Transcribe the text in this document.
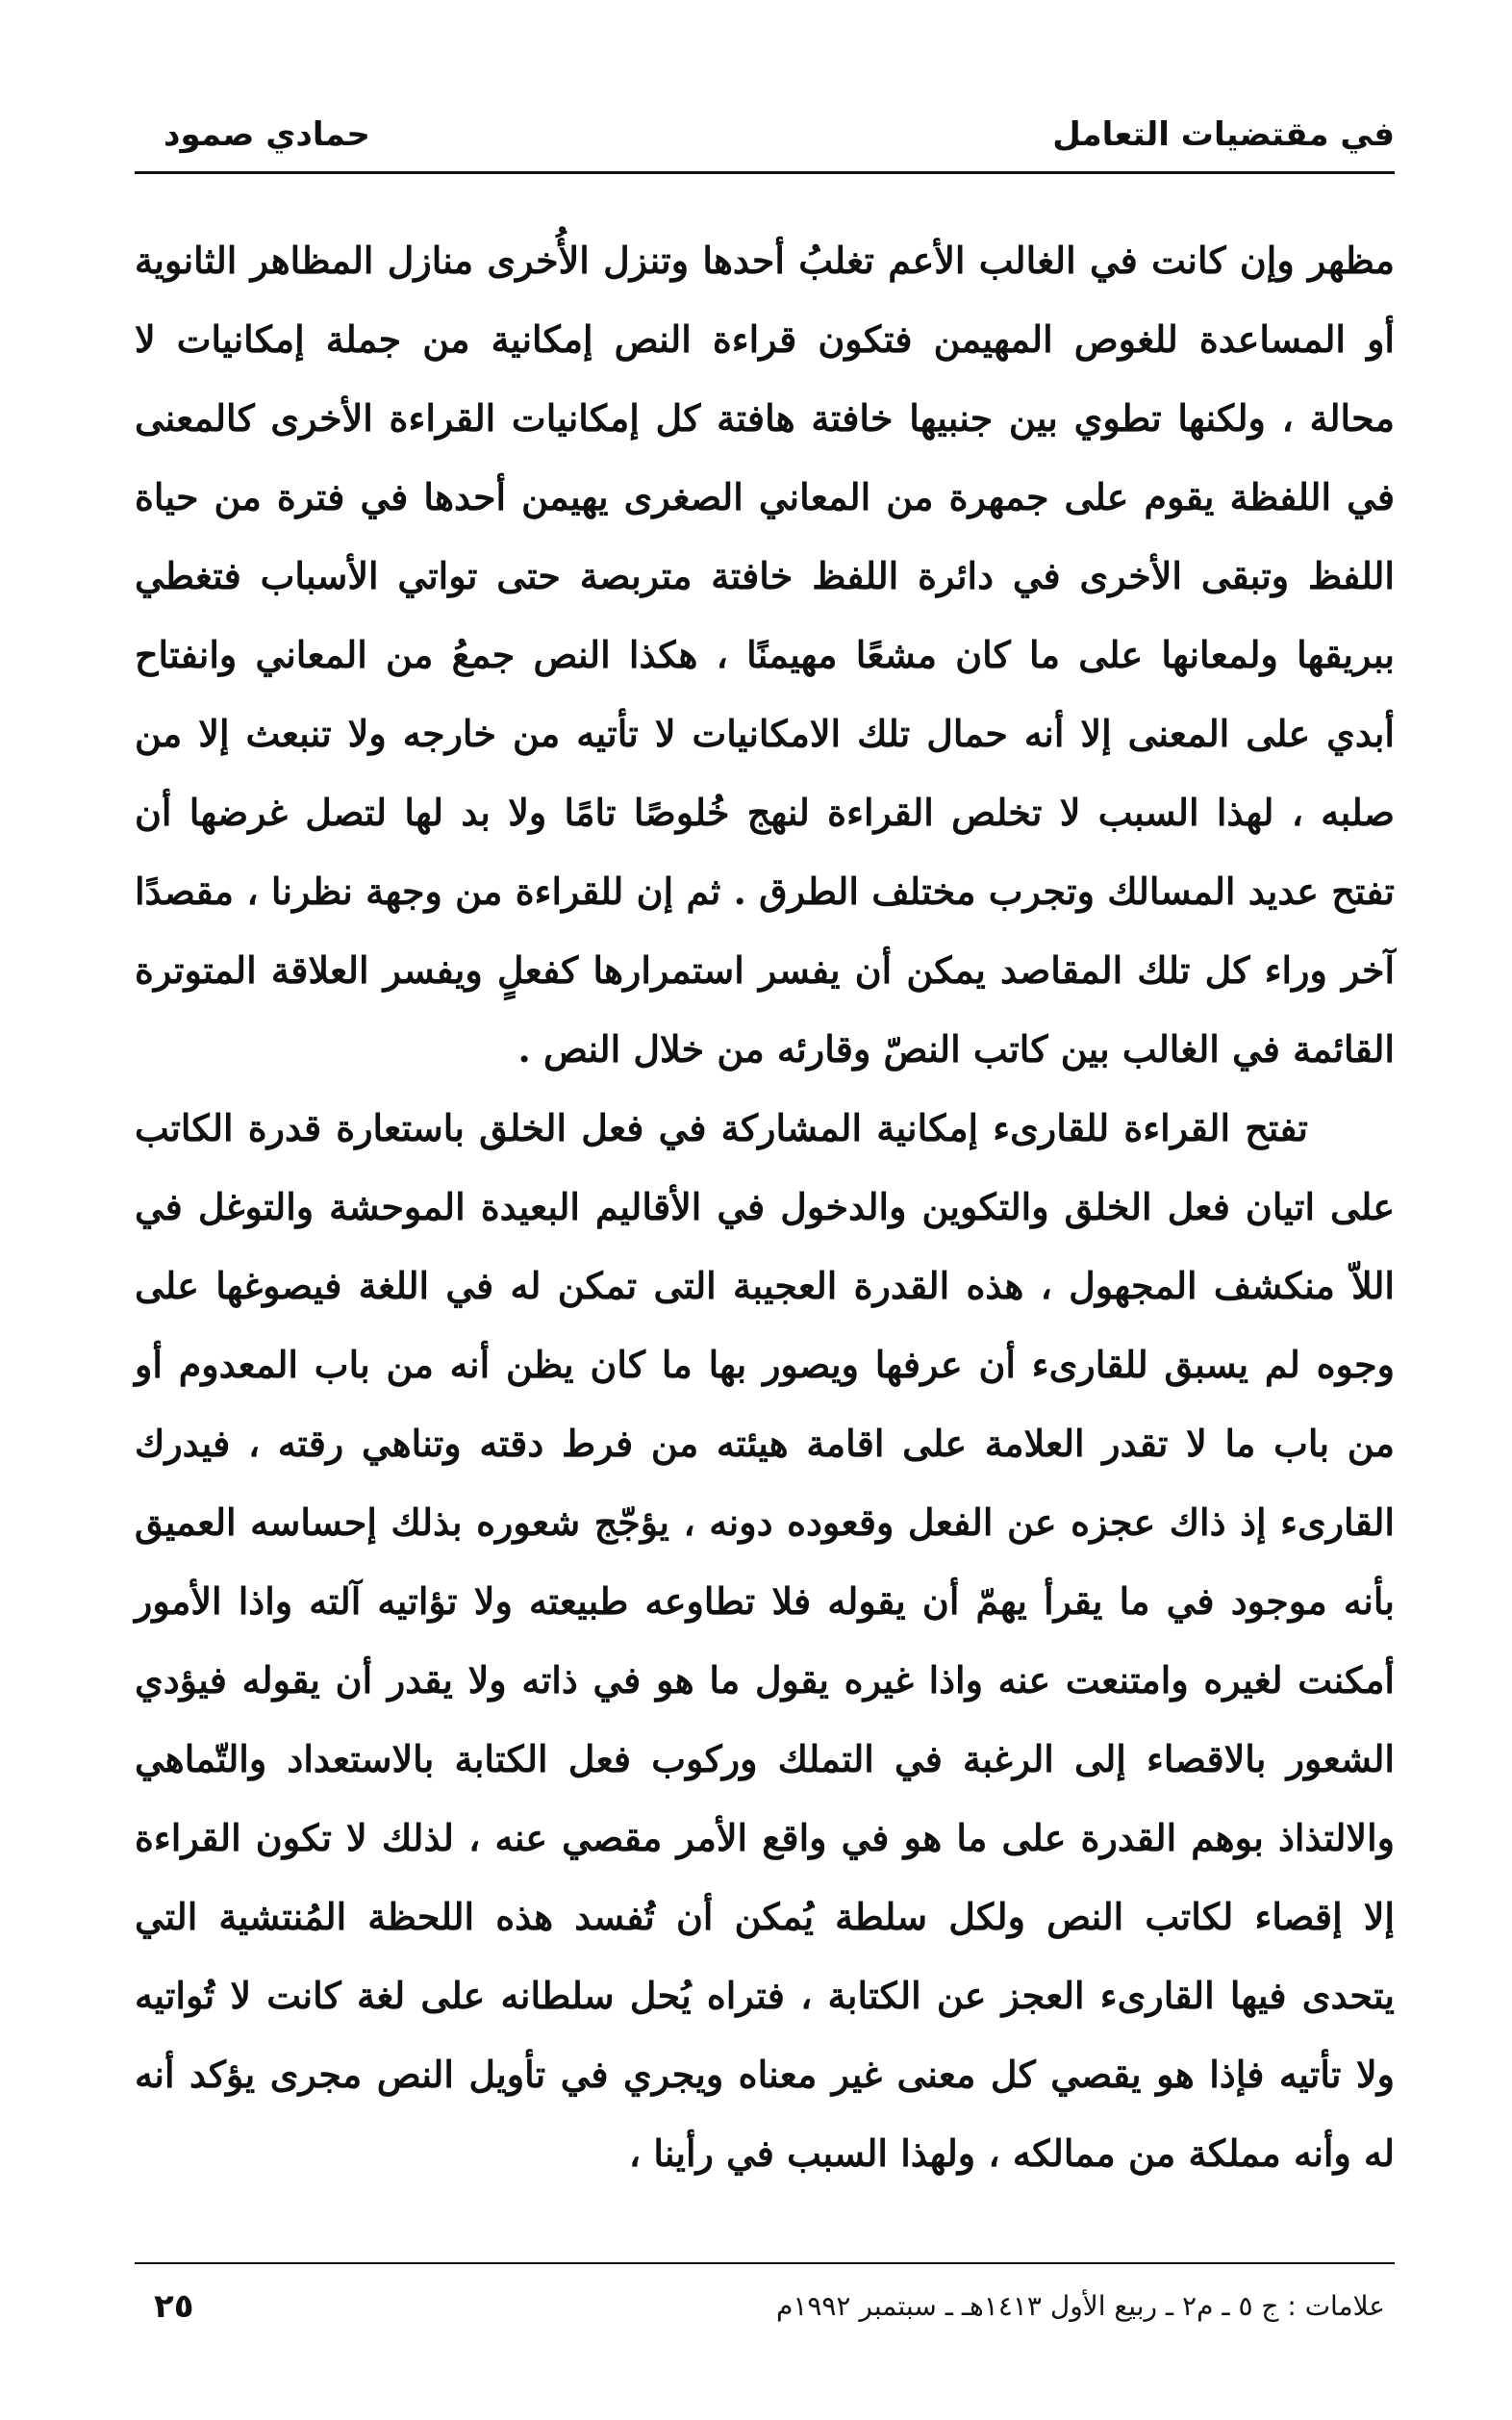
في مقتضيات التعامل
حمادي صمود

مظهر وإن كانت في الغالب الأعم تغلبُ أحدها وتنزل الأُخرى منازل المظاهر الثانوية أو المساعدة للغوص المهيمن فتكون قراءة النص إمكانية من جملة إمكانيات لا محالة ، ولكنها تطوي بين جنبيها خافتة هافتة كل إمكانيات القراءة الأخرى كالمعنى في اللفظة يقوم على جمهرة من المعاني الصغرى يهيمن أحدها في فترة من حياة اللفظ وتبقى الأخرى في دائرة اللفظ خافتة متربصة حتى تواتي الأسباب فتغطي ببريقها ولمعانها على ما كان مشعًا مهيمنًا ، هكذا النص جمعُ من المعاني وانفتاح أبدي على المعنى إلا أنه حمال تلك الامكانيات لا تأتيه من خارجه ولا تنبعث إلا من صلبه ، لهذا السبب لا تخلص القراءة لنهج خُلوصًا تامًا ولا بد لها لتصل غرضها أن تفتح عديد المسالك وتجرب مختلف الطرق . ثم إن للقراءة من وجهة نظرنا ، مقصدًا آخر وراء كل تلك المقاصد يمكن أن يفسر استمرارها كفعلٍ ويفسر العلاقة المتوترة القائمة في الغالب بين كاتب النصّ وقارئه من خلال النص .

تفتح القراءة للقارىء إمكانية المشاركة في فعل الخلق باستعارة قدرة الكاتب على اتيان فعل الخلق والتكوين والدخول في الأقاليم البعيدة الموحشة والتوغل في اللاّ منكشف المجهول ، هذه القدرة العجيبة التى تمكن له في اللغة فيصوغها على وجوه لم يسبق للقارىء أن عرفها ويصور بها ما كان يظن أنه من باب المعدوم أو من باب ما لا تقدر العلامة على اقامة هيئته من فرط دقته وتناهي رقته ، فيدرك القارىء إذ ذاك عجزه عن الفعل وقعوده دونه ، يؤجّج شعوره بذلك إحساسه العميق بأنه موجود في ما يقرأ يهمّ أن يقوله فلا تطاوعه طبيعته ولا تؤاتيه آلته واذا الأمور أمكنت لغيره وامتنعت عنه واذا غيره يقول ما هو في ذاته ولا يقدر أن يقوله فيؤدي الشعور بالاقصاء إلى الرغبة في التملك وركوب فعل الكتابة بالاستعداد والتّماهي والالتذاذ بوهم القدرة على ما هو في واقع الأمر مقصي عنه ، لذلك لا تكون القراءة إلا إقصاء لكاتب النص ولكل سلطة يُمكن أن تُفسد هذه اللحظة المُنتشية التي يتحدى فيها القارىء العجز عن الكتابة ، فتراه يُحل سلطانه على لغة كانت لا تُواتيه ولا تأتيه فإذا هو يقصي كل معنى غير معناه ويجري في تأويل النص مجرى يؤكد أنه له وأنه مملكة من ممالكه ، ولهذا السبب في رأينا ،

علامات : ج ٥ ـ م٢ ـ ربيع الأول ١٤١٣هـ ـ سبتمبر ١٩٩٢م
٢٥
